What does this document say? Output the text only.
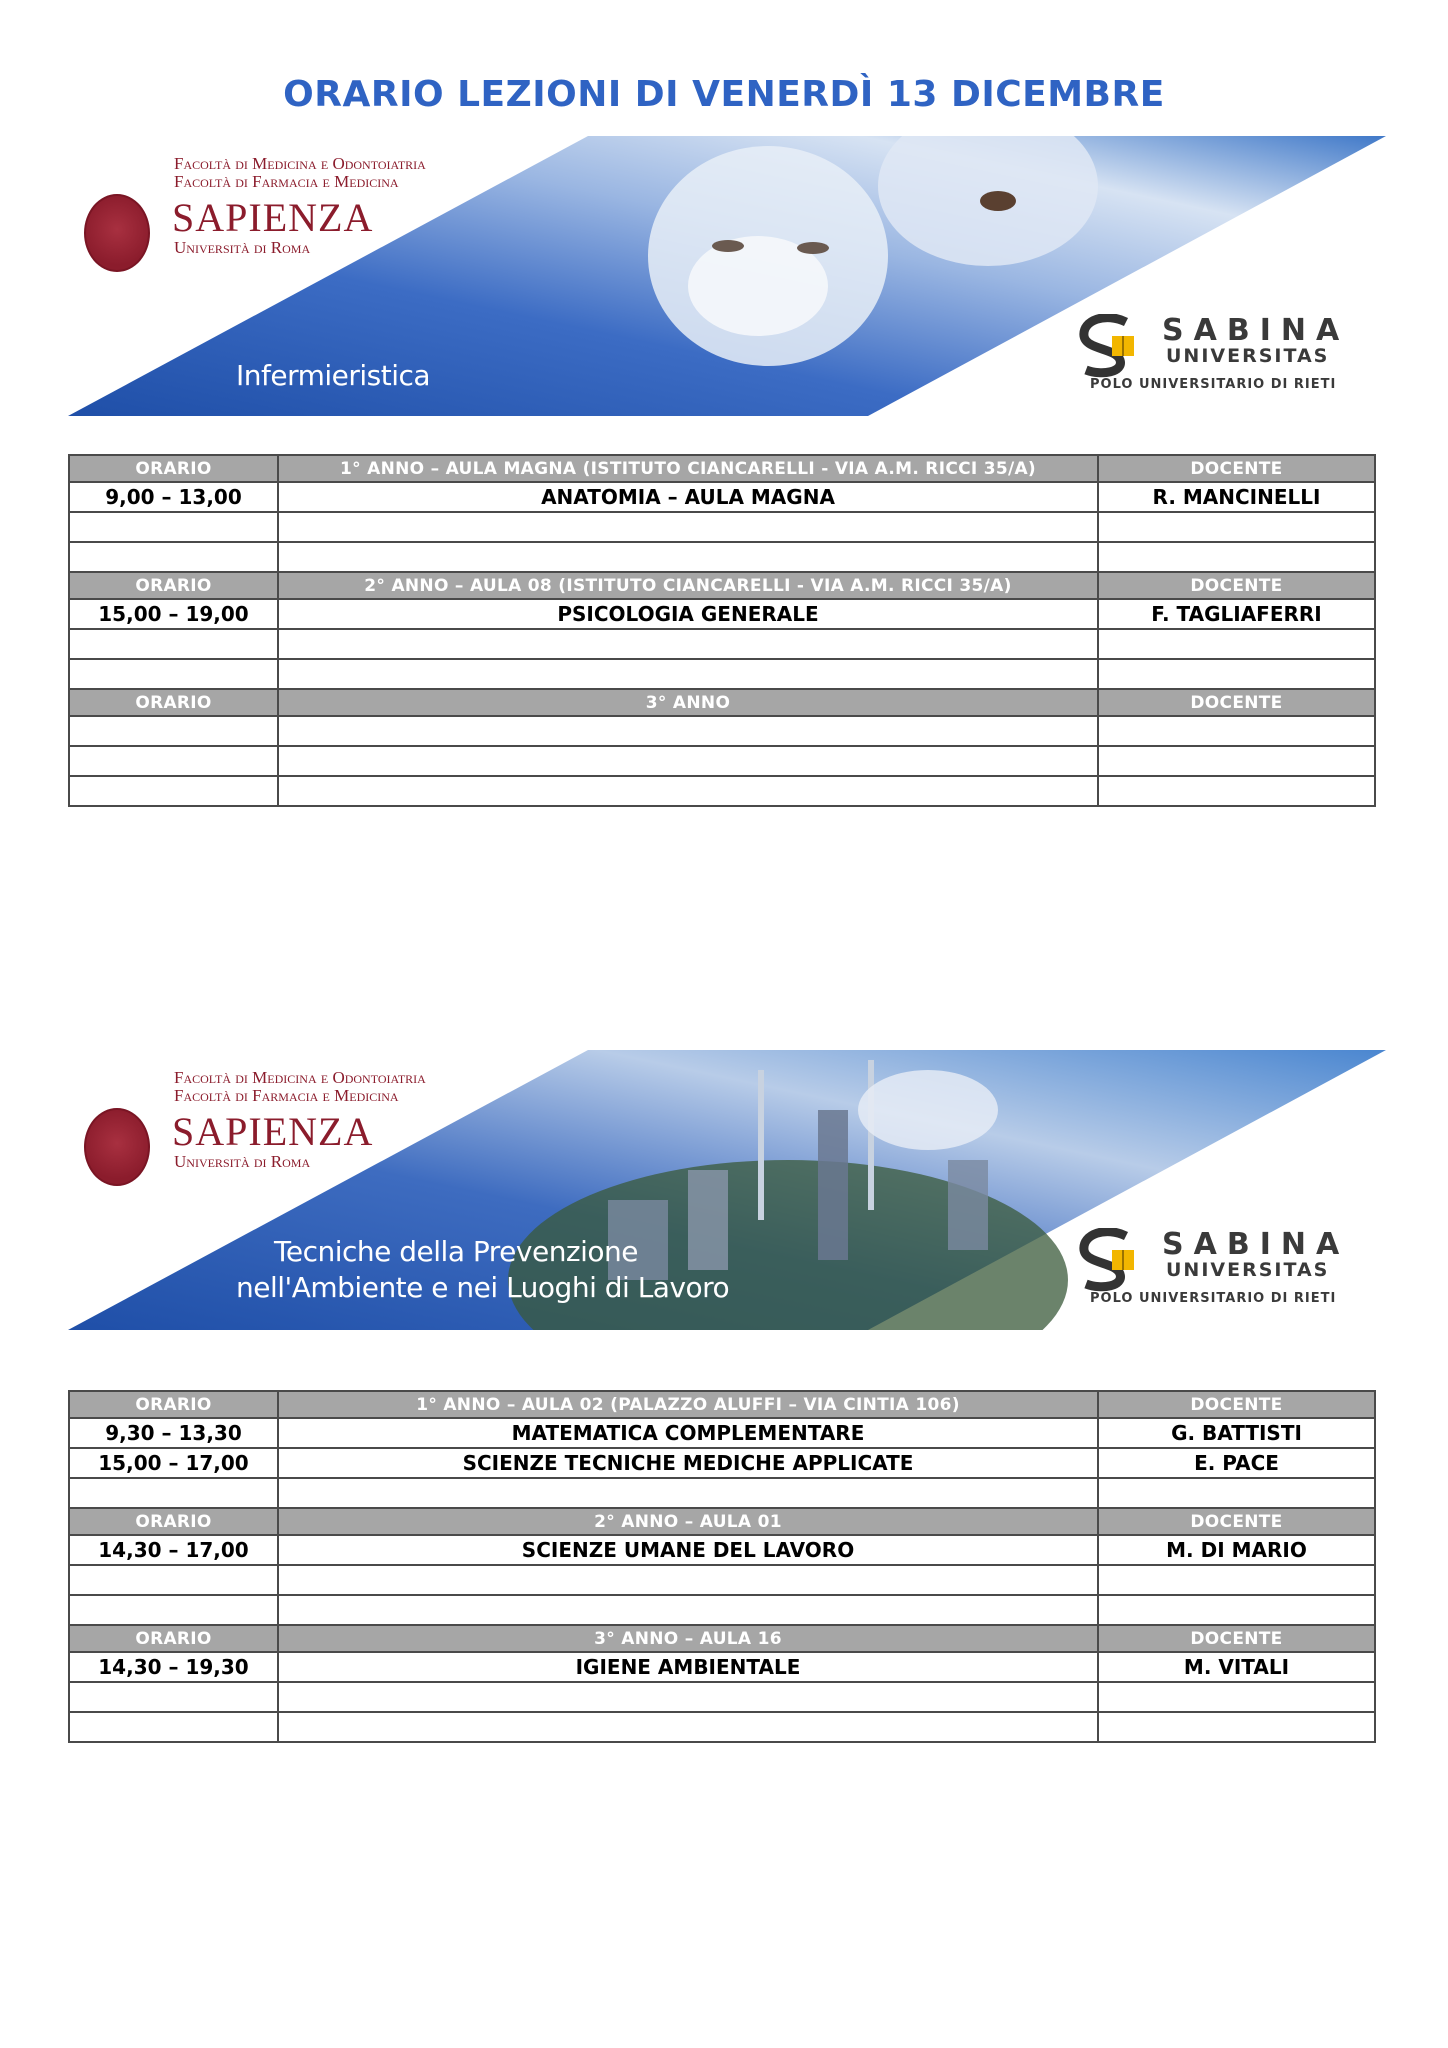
ORARIO LEZIONI DI VENERDÌ 13 DICEMBRE
Facoltà di Medicina e Odontoiatria
Facoltà di Farmacia e Medicina
SAPIENZA
Università di Roma
Infermieristica
SABINA
UNIVERSITAS
POLO UNIVERSITARIO DI RIETI
ORARIO	1° ANNO – AULA MAGNA (ISTITUTO CIANCARELLI - VIA A.M. RICCI 35/A)	DOCENTE
9,00 – 13,00	ANATOMIA – AULA MAGNA	R. MANCINELLI

ORARIO	2° ANNO – AULA 08 (ISTITUTO CIANCARELLI - VIA A.M. RICCI 35/A)	DOCENTE
15,00 – 19,00	PSICOLOGIA GENERALE	F. TAGLIAFERRI

ORARIO	3° ANNO	DOCENTE

Facoltà di Medicina e Odontoiatria
Facoltà di Farmacia e Medicina
SAPIENZA
Università di Roma
Tecniche della Prevenzione
nell'Ambiente e nei Luoghi di Lavoro
SABINA
UNIVERSITAS
POLO UNIVERSITARIO DI RIETI
ORARIO	1° ANNO – AULA 02 (PALAZZO ALUFFI – VIA CINTIA 106)	DOCENTE
9,30 – 13,30	MATEMATICA COMPLEMENTARE	G. BATTISTI
15,00 – 17,00	SCIENZE TECNICHE MEDICHE APPLICATE	E. PACE

ORARIO	2° ANNO – AULA 01	DOCENTE
14,30 – 17,00	SCIENZE UMANE DEL LAVORO	M. DI MARIO

ORARIO	3° ANNO – AULA 16	DOCENTE
14,30 – 19,30	IGIENE AMBIENTALE	M. VITALI
